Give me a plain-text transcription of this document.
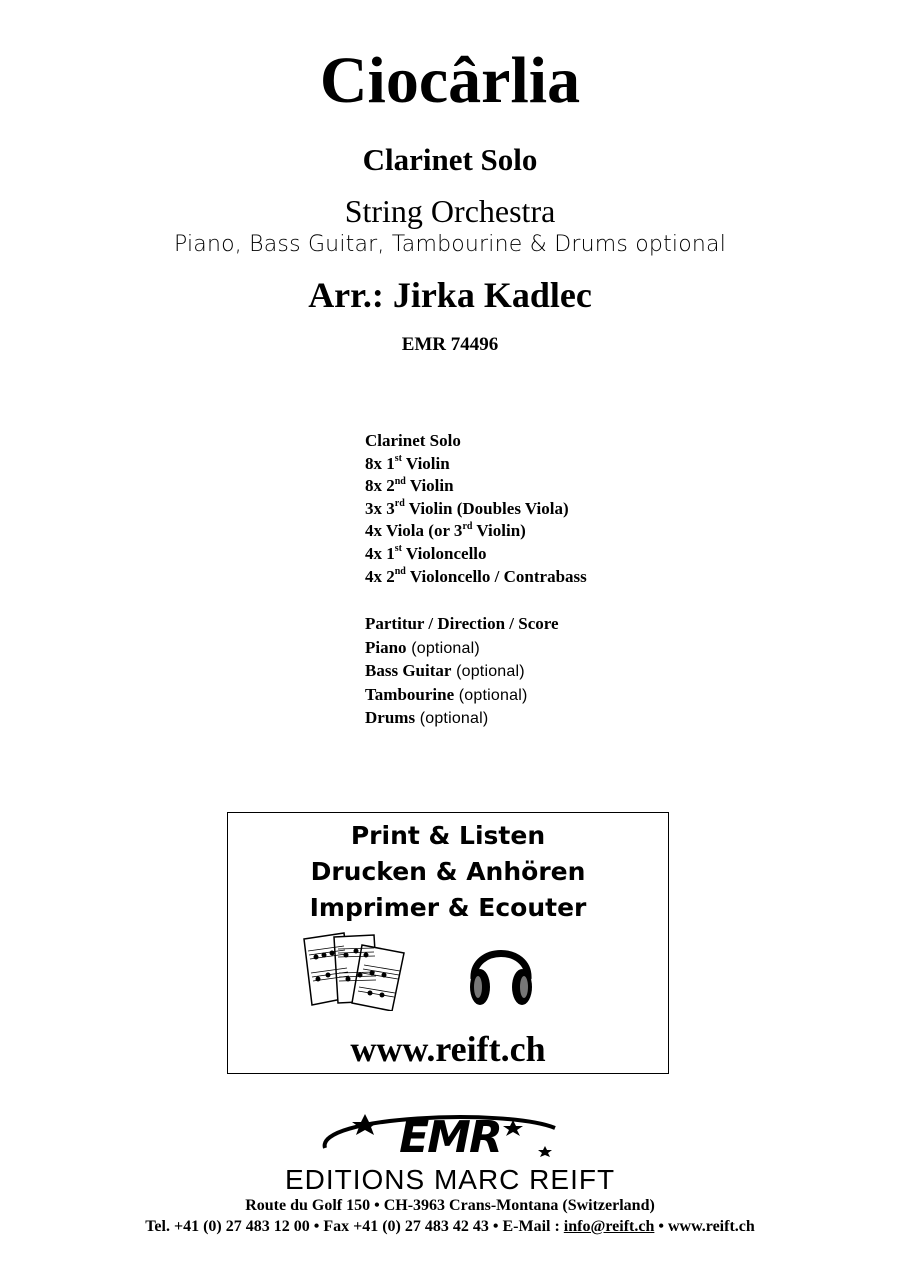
Ciocârlia
Clarinet Solo
String Orchestra
Piano, Bass Guitar, Tambourine & Drums optional
Arr.: Jirka Kadlec
EMR 74496
Clarinet Solo
8x 1st Violin
8x 2nd Violin
3x 3rd Violin (Doubles Viola)
4x Viola (or 3rd Violin)
4x 1st Violoncello
4x 2nd Violoncello / Contrabass
Partitur / Direction / Score
Piano (optional)
Bass Guitar (optional)
Tambourine (optional)
Drums (optional)
Print & Listen
Drucken & Anhören
Imprimer & Ecouter
www.reift.ch
EMR
EDITIONS MARC REIFT
Route du Golf 150 • CH-3963 Crans-Montana (Switzerland)
Tel. +41 (0) 27 483 12 00 • Fax +41 (0) 27 483 42 43 • E-Mail : info@reift.ch • www.reift.ch
